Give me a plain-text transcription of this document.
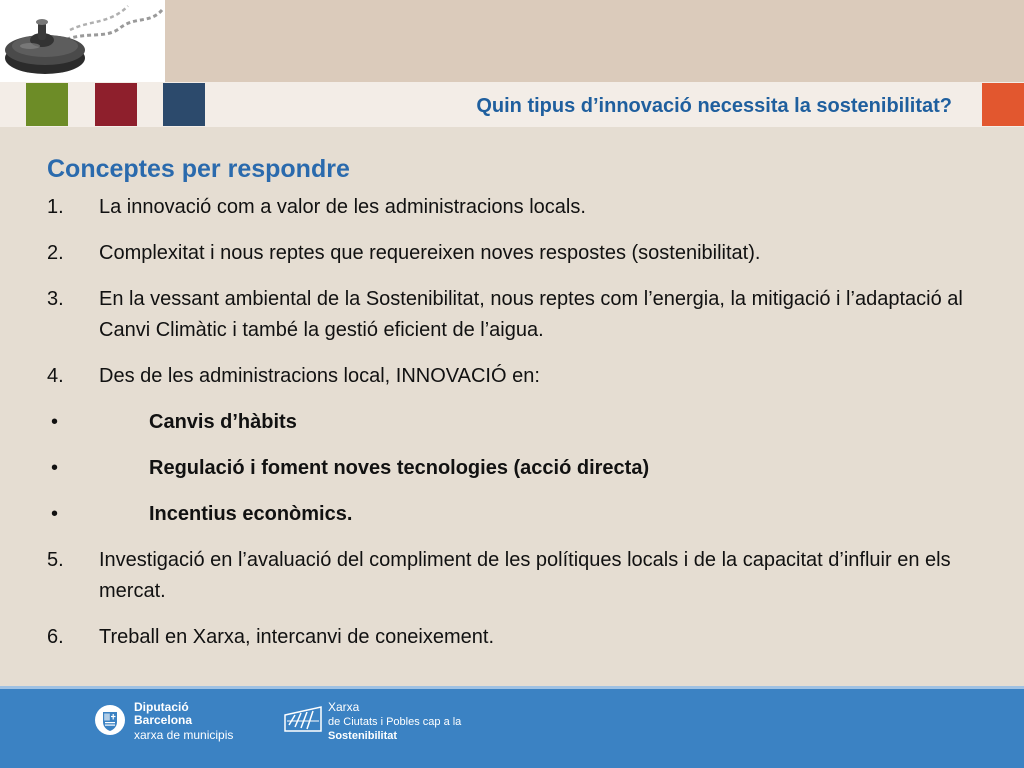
Quin tipus d’innovació necessita la sostenibilitat?
Conceptes per respondre
1.	La innovació com a valor de les administracions locals.
2.	Complexitat i nous reptes que requereixen noves respostes (sostenibilitat).
3.	En la vessant ambiental de la Sostenibilitat, nous reptes com l’energia, la mitigació i l’adaptació al Canvi Climàtic i també la gestió eficient de l’aigua.
4.	Des de les administracions local, INNOVACIÓ en:
•	Canvis d’hàbits
•	Regulació i foment noves tecnologies (acció directa)
•	Incentius econòmics.
5.	Investigació en l’avaluació del compliment de les polítiques locals i de la capacitat d’influir en els mercat.
6.	Treball en Xarxa, intercanvi de coneixement.
Diputació
Barcelona
xarxa de municipis
Xarxa
de Ciutats i Pobles cap a la
Sostenibilitat
